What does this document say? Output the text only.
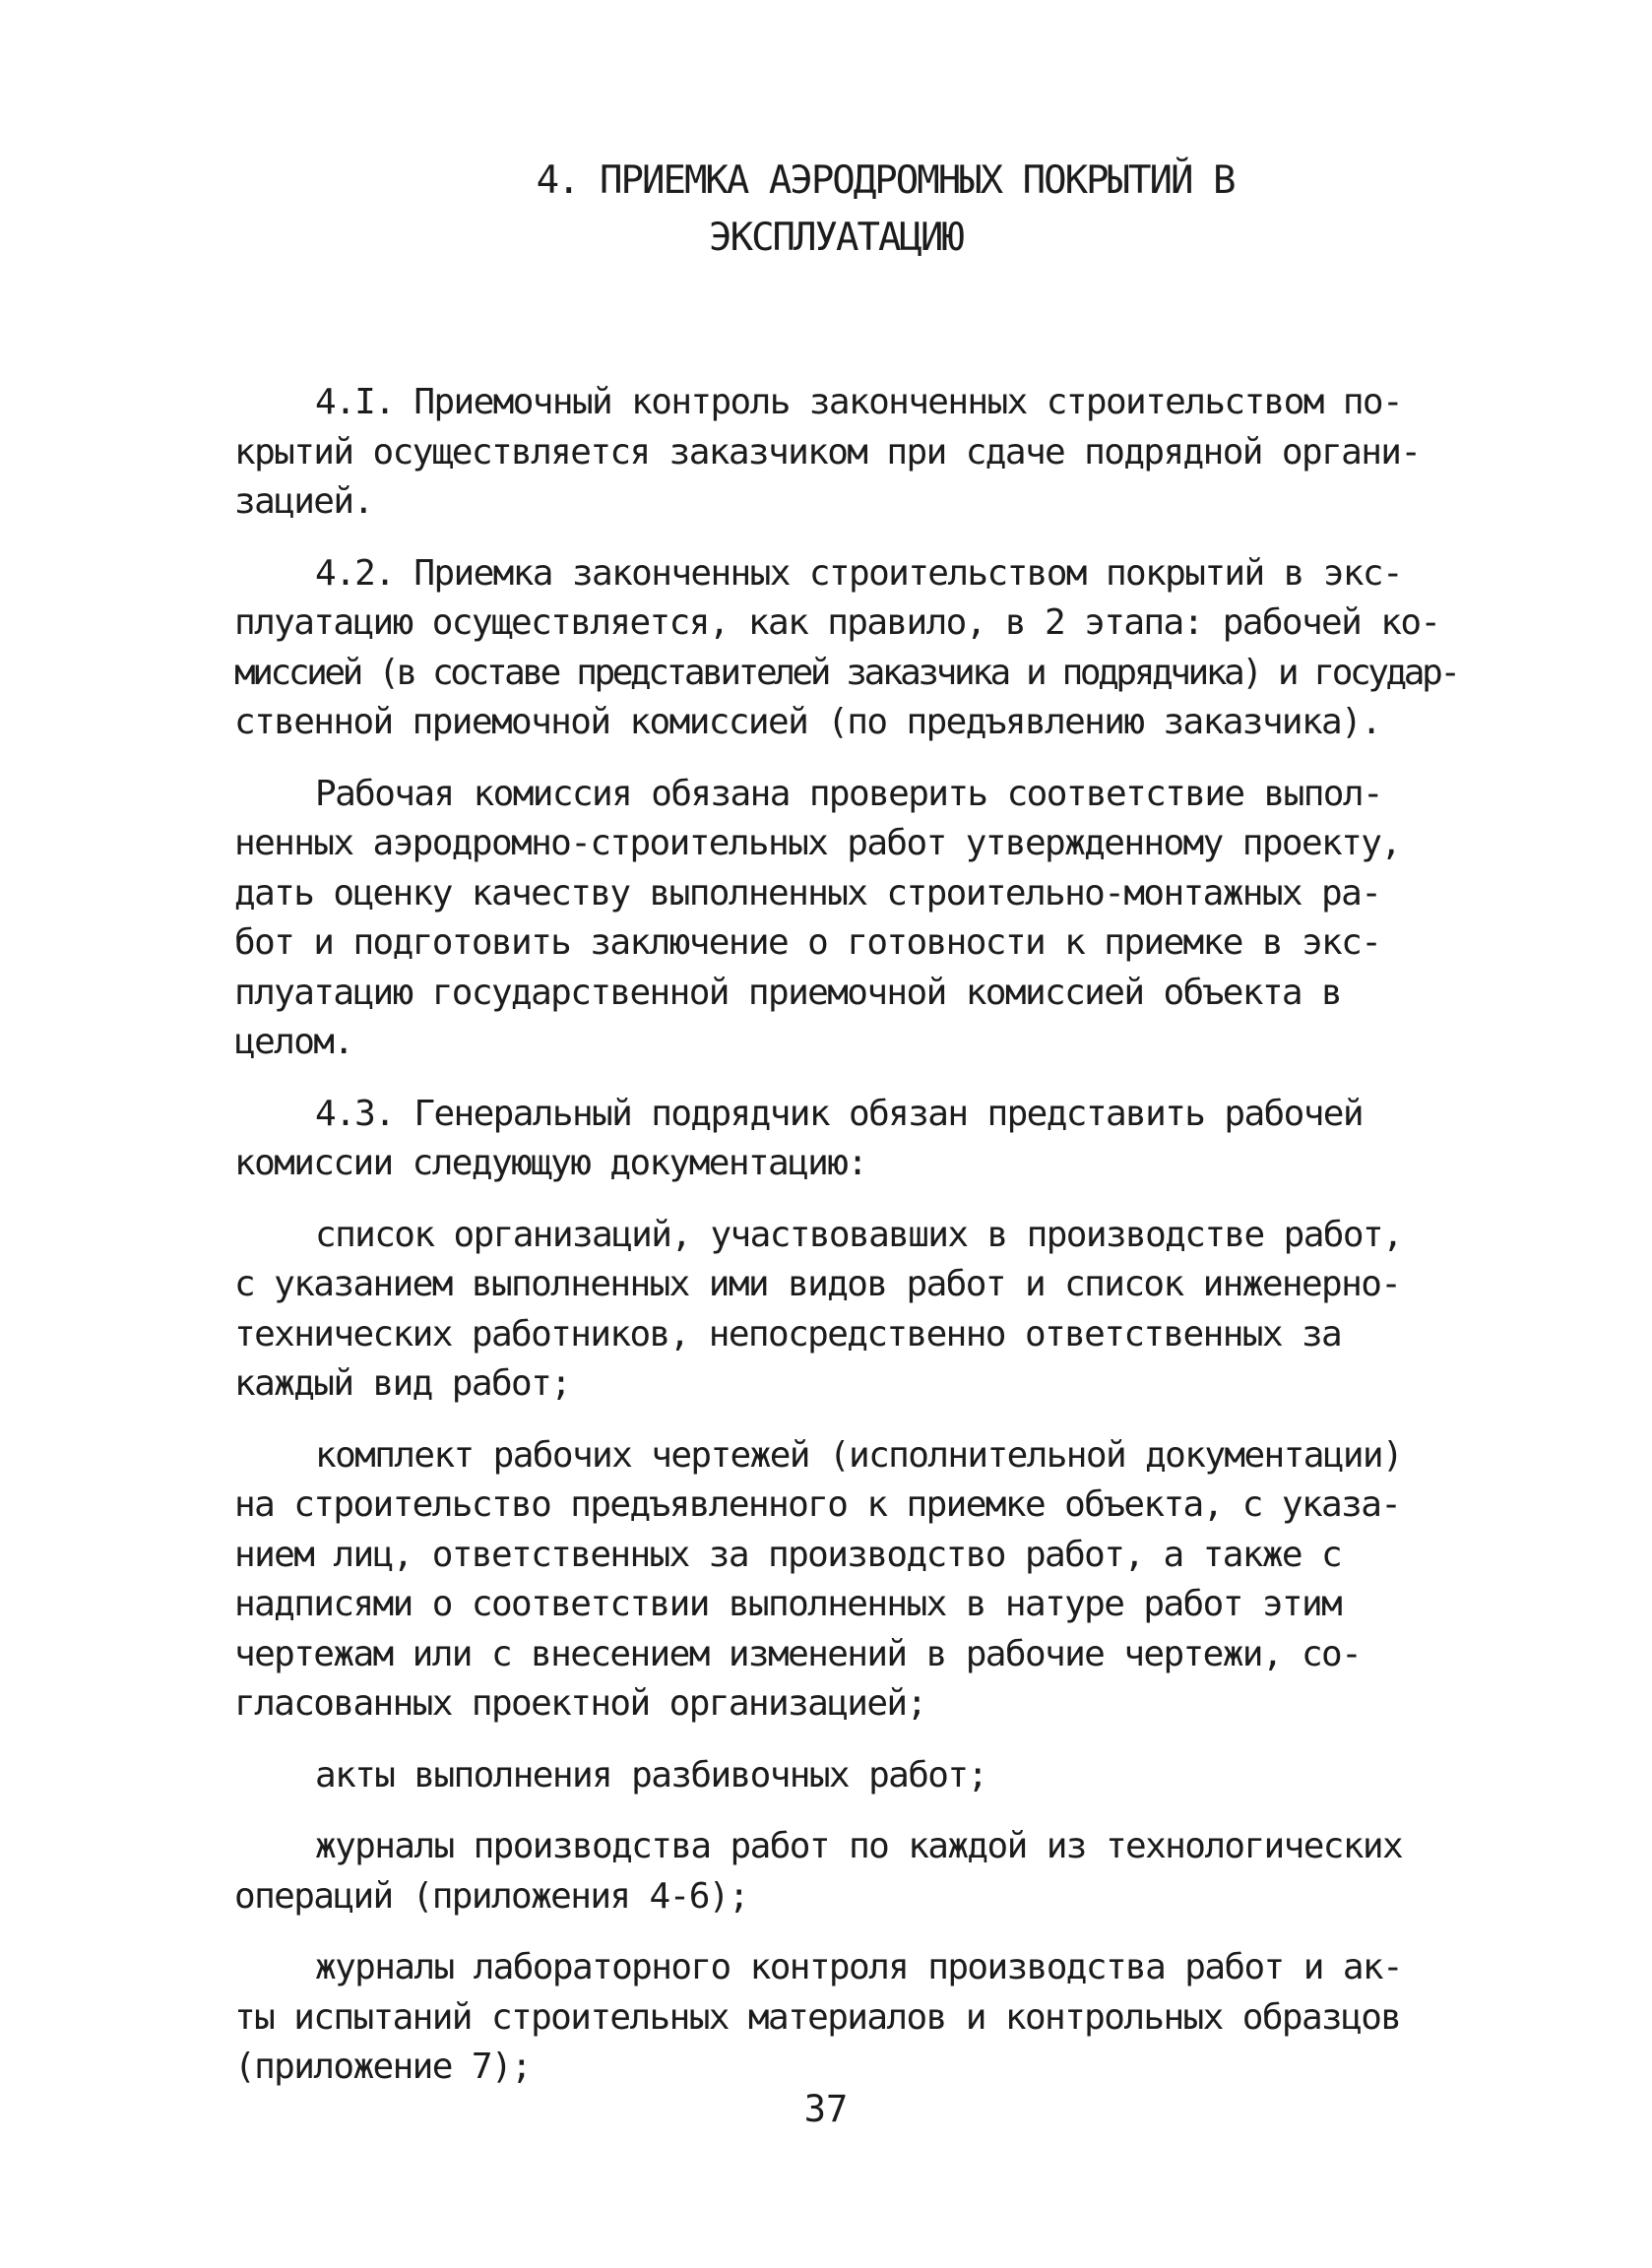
4. ПРИЕМКА АЭРОДРОМНЫХ ПОКРЫТИЙ В
ЭКСПЛУАТАЦИЮ

4.I. Приемочный контроль законченных строительством по-
крытий осуществляется заказчиком при сдаче подрядной органи-
зацией.

4.2. Приемка законченных строительством покрытий в экс-
плуатацию осуществляется, как правило, в 2 этапа: рабочей ко-
миссией (в составе представителей заказчика и подрядчика) и государ-
ственной приемочной комиссией (по предъявлению заказчика).

Рабочая комиссия обязана проверить соответствие выпол-
ненных аэродромно-строительных работ утвержденному проекту,
дать оценку качеству выполненных строительно-монтажных ра-
бот и подготовить заключение о готовности к приемке в экс-
плуатацию государственной приемочной комиссией объекта в
целом.

4.3. Генеральный подрядчик обязан представить рабочей
комиссии следующую документацию:

список организаций, участвовавших в производстве работ,
с указанием выполненных ими видов работ и список инженерно-
технических работников, непосредственно ответственных за
каждый вид работ;

комплект рабочих чертежей (исполнительной документации)
на строительство предъявленного к приемке объекта, с указа-
нием лиц, ответственных за производство работ, а также с
надписями о соответствии выполненных в натуре работ этим
чертежам или с внесением изменений в рабочие чертежи, со-
гласованных проектной организацией;

акты выполнения разбивочных работ;

журналы производства работ по каждой из технологических
операций (приложения 4-6);

журналы лабораторного контроля производства работ и ак-
ты испытаний строительных материалов и контрольных образцов
(приложение 7);

37
